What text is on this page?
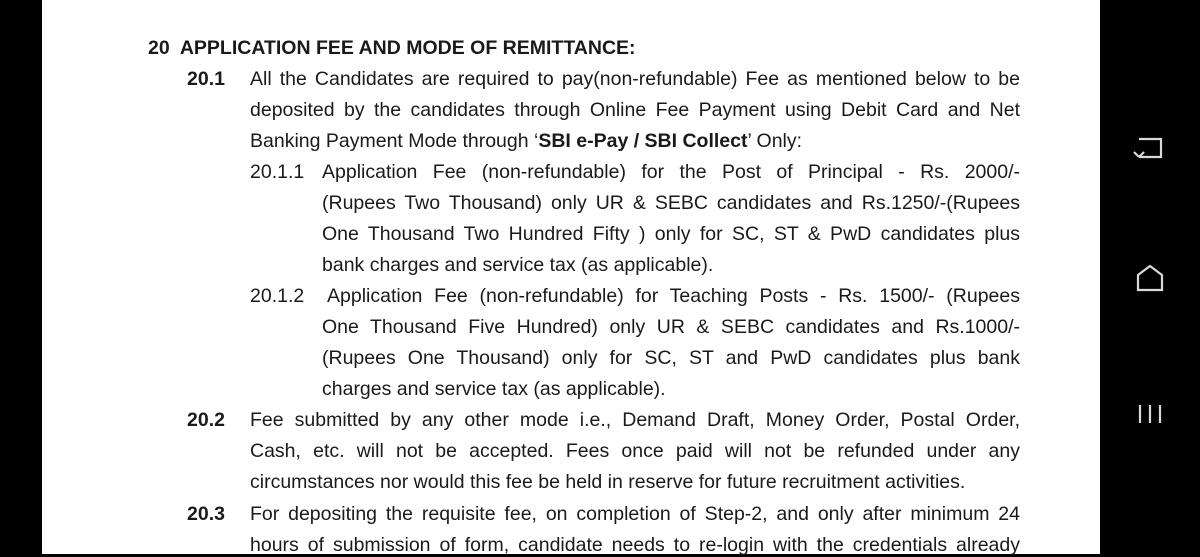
20 APPLICATION FEE AND MODE OF REMITTANCE:
20.1 All the Candidates are required to pay(non-refundable) Fee as mentioned below to be
deposited by the candidates through Online Fee Payment using Debit Card and Net
Banking Payment Mode through ‘SBI e-Pay / SBI Collect’ Only:
20.1.1 Application Fee (non-refundable) for the Post of Principal - Rs. 2000/-
(Rupees Two Thousand) only UR & SEBC candidates and Rs.1250/-(Rupees
One Thousand Two Hundred Fifty ) only for SC, ST & PwD candidates plus
bank charges and service tax (as applicable).
20.1.2 Application Fee (non-refundable) for Teaching Posts - Rs. 1500/- (Rupees
One Thousand Five Hundred) only UR & SEBC candidates and Rs.1000/-
(Rupees One Thousand) only for SC, ST and PwD candidates plus bank
charges and service tax (as applicable).
20.2 Fee submitted by any other mode i.e., Demand Draft, Money Order, Postal Order,
Cash, etc. will not be accepted. Fees once paid will not be refunded under any
circumstances nor would this fee be held in reserve for future recruitment activities.
20.3 For depositing the requisite fee, on completion of Step-2, and only after minimum 24
hours of submission of form, candidate needs to re-login with the credentials already
